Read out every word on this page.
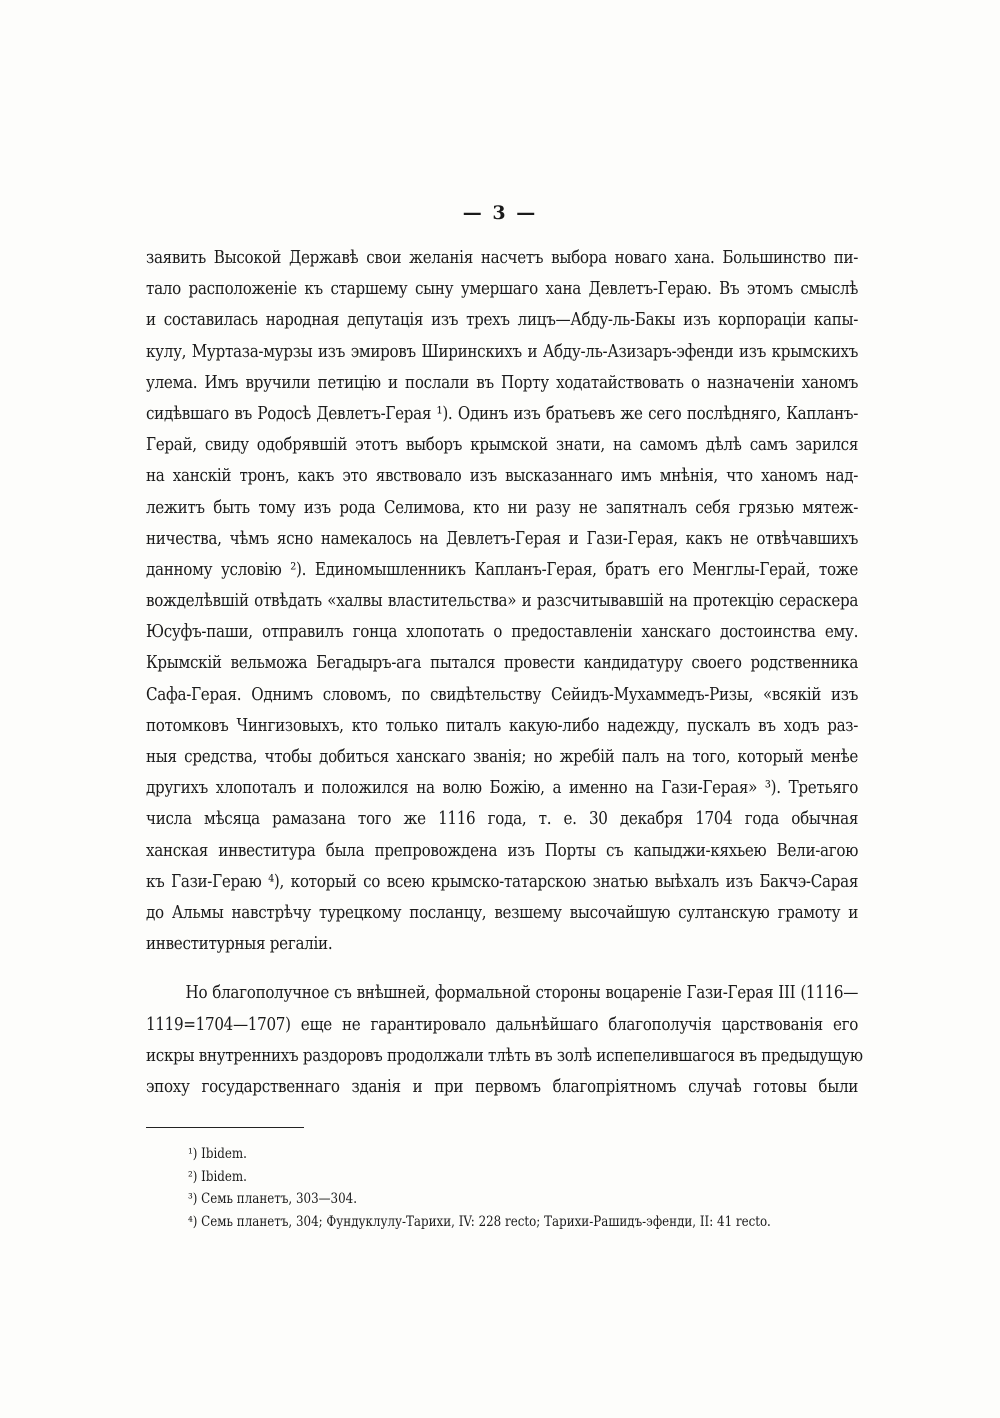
— 3 —
заявить Высокой Державѣ свои желанія насчетъ выбора новаго хана. Большинство пи-
тало расположеніе къ старшему сыну умершаго хана Девлетъ-Гераю. Въ этомъ смыслѣ
и составилась народная депутація изъ трехъ лицъ—Абду-ль-Бакы изъ корпораціи капы-
кулу, Муртаза-мурзы изъ эмировъ Ширинскихъ и Абду-ль-Азизаръ-эфенди изъ крымскихъ
улема. Имъ вручили петицію и послали въ Порту ходатайствовать о назначеніи ханомъ
сидѣвшаго въ Родосѣ Девлетъ-Герая ¹). Одинъ изъ братьевъ же сего послѣдняго, Капланъ-
Герай, свиду одобрявшій этотъ выборъ крымской знати, на самомъ дѣлѣ самъ зарился
на ханскій тронъ, какъ это явствовало изъ высказаннаго имъ мнѣнія, что ханомъ над-
лежитъ быть тому изъ рода Селимова, кто ни разу не запятналъ себя грязью мятеж-
ничества, чѣмъ ясно намекалось на Девлетъ-Герая и Гази-Герая, какъ не отвѣчавшихъ
данному условію ²). Единомышленникъ Капланъ-Герая, братъ его Менглы-Герай, тоже
вожделѣвшій отвѣдать «халвы властительства» и разсчитывавшій на протекцію сераскера
Юсуфъ-паши, отправилъ гонца хлопотать о предоставленіи ханскаго достоинства ему.
Крымскій вельможа Бегадыръ-ага пытался провести кандидатуру своего родственника
Сафа-Герая. Однимъ словомъ, по свидѣтельству Сейидъ-Мухаммедъ-Ризы, «всякій изъ
потомковъ Чингизовыхъ, кто только питалъ какую-либо надежду, пускалъ въ ходъ раз-
ныя средства, чтобы добиться ханскаго званія; но жребій палъ на того, который менѣе
другихъ хлопоталъ и положился на волю Божію, а именно на Гази-Герая» ³). Третьяго
числа мѣсяца рамазана того же 1116 года, т. е. 30 декабря 1704 года обычная
ханская инвеститура была препровождена изъ Порты съ капыджи-кяхьею Вели-агою
къ Гази-Гераю ⁴), который со всею крымско-татарскою знатью выѣхалъ изъ Бакчэ-Сарая
до Альмы навстрѣчу турецкому посланцу, везшему высочайшую султанскую грамоту и
инвеститурныя регаліи.
Но благополучное съ внѣшней, формальной стороны воцареніе Гази-Герая III (1116—
1119=1704—1707) еще не гарантировало дальнѣйшаго благополучія царствованія его
искры внутреннихъ раздоровъ продолжали тлѣть въ золѣ испепелившагося въ предыдущую
эпоху государственнаго зданія и при первомъ благопріятномъ случаѣ готовы были
¹) Ibidem.
²) Ibidem.
³) Семь планетъ, 303—304.
⁴) Семь планетъ, 304; Фундуклулу-Тарихи, IV: 228 recto; Тарихи-Рашидъ-эфенди, II: 41 recto.
